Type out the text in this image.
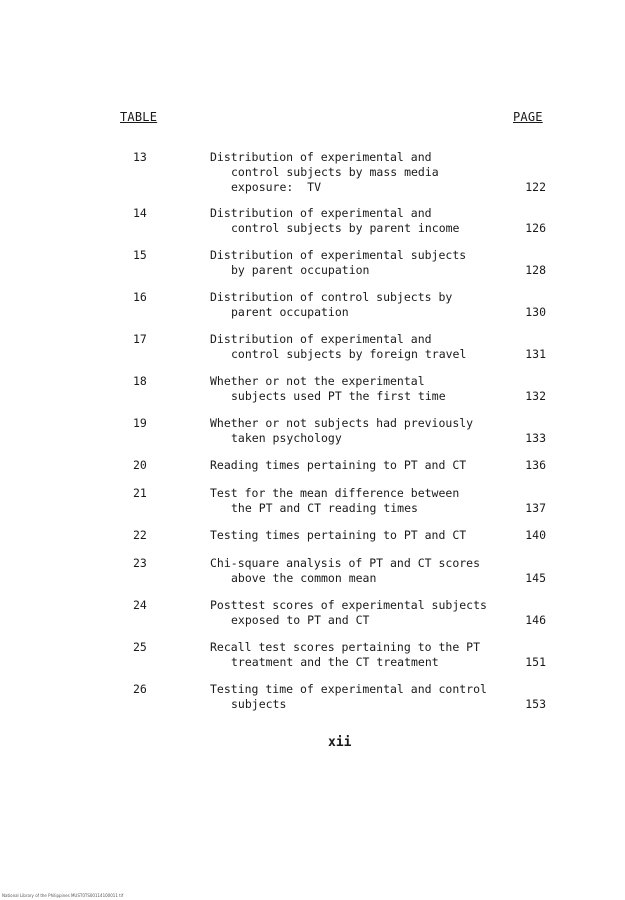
TABLE	PAGE
13	Distribution of experimental and
control subjects by mass media
exposure:  TV	122
14	Distribution of experimental and
control subjects by parent income	126
15	Distribution of experimental subjects
by parent occupation	128
16	Distribution of control subjects by
parent occupation	130
17	Distribution of experimental and
control subjects by foreign travel	131
18	Whether or not the experimental
subjects used PT the first time	132
19	Whether or not subjects had previously
taken psychology	133
20	Reading times pertaining to PT and CT	136
21	Test for the mean difference between
the PT and CT reading times	137
22	Testing times pertaining to PT and CT	140
23	Chi-square analysis of PT and CT scores
above the common mean	145
24	Posttest scores of experimental subjects
exposed to PT and CT	146
25	Recall test scores pertaining to the PT
treatment and the CT treatment	151
26	Testing time of experimental and control
subjects	153
xii
National Library of the Philippines MUST0TS00114100011 tif
